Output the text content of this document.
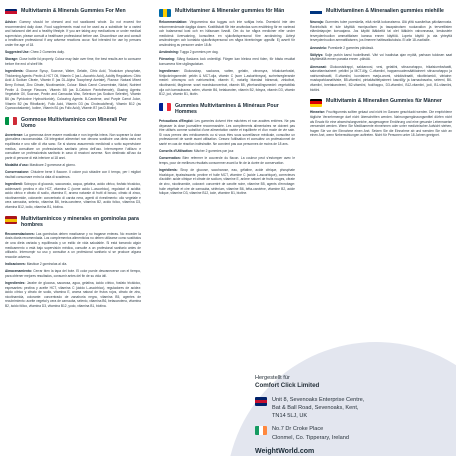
Multivitamin & Minerals Gummies For Men
Advice: Gummy should be chewed and not swallowed whole. Do not exceed the recommended daily dose. Food supplements must not be used as a substitute for a varied and balanced diet and a healthy lifestyle. If you are taking any medications or under medical supervision, please consult a healthcare professional before use. Discontinue use and consult a healthcare professional if any adverse reactions occur. Not intended for use by persons under the age of 18.
Suggested Use: Chew 2 Gummies daily.
Storage: Close bottle lid properly. Colour may fade over time, the best results are to consume before the end of shelf life.
Ingredients: Glucose Syrup, Sucrose, Water, Gelatin, Citric Acid, Tricalcium phosphate, Thickening Agents: Pectin & HCT Oil, Vitamin C (as L-Ascorbic Acid), Acidity Regulators: Citric Acid & Sodium Citrate, Vitamin E (as DL-Alpha Tocopheryl Acetate), Flavour: Natural Mixed Berry Extract, Zinc Citrate, Nicotinamide, Colour: Black Carrot Concentrate, Nickel, Nutrient Pectin & Orange Flavours, Vitamin B5 (as D-Calcium Pantothenate), Glazing Agents: Vegetable Oil, Sucrose, Pectin and Carnauba Wax, Selenium (as Sodium Selenite), Vitamin B6 (as Pyridoxine Hydrochloride), Colouring Agents: B-Carotene, and Purple Carrot Juice, Vitamin B2 (as Riboflavin), Folic Acid, Vitamin D3 (as Cholecalciferol), Vitamin B12 (as Cyanocobalamin), Iodine, Vitamin B1 (as Folic Acid), Vitamin B7 (as D-Biotin).
Gommose Multivitaminico con Minerali Per Uomo
Avvertenze: La gommosa deve essere masticata e non ingerita intera. Non superare la dose giornaliera raccomandata. Gli integratori alimentari non devono sostituire una dieta varia ed equilibrata e uno stile di vita sano. Se si stanno assumendo medicinali o sotto supervisione medica, consultare un professionista sanitario prima dell'uso. Interrompere l'utilizzo e consultare un professionista sanitario in caso di reazioni avverse. Non destinato all'uso da parte di persone di età inferiore ai 18 anni.
Modalità d'uso: Masticare 2 gommose al giorno.
Conservazione: Chiudere bene il flacone. Il colore può sbiadire con il tempo, per i migliori risultati consumare entro la data di scadenza.
Ingredienti: Sciroppo di glucosio, saccarosio, acqua, gelatina, acido citrico, fosfato tricalcico, addensanti: pectina e olio HCT, vitamina C (come acido L-ascorbico), regolatori di acidità: acido citrico e citrato di sodio, vitamina E, aroma naturale di frutti di bosco, citrato di zinco, nicotinammide, colorante: concentrato di carota nera, agenti di rivestimento: olio vegetale e cera carnauba, selenio, vitamina B6, beta-carotene, vitamina B2, acido folico, vitamina D3, vitamina B12, iodio, vitamina B1, biotina.
Multivitamínicos y minerales en gominolas para hombres
Recomendaciones: Las gominolas deben masticarse y no tragarse enteras. No exceder la dosis diaria recomendada. Los complementos alimenticios no deben utilizarse como sustitutos de una dieta variada y equilibrada y un estilo de vida saludable. Si está tomando algún medicamento o está bajo supervisión médica, consulte a un profesional sanitario antes de utilizarlo. Interrumpir su uso y consultar a un profesional sanitario si se produce alguna reacción adversa.
Indicaciones: Masticar 2 gominolas al día.
Almacenamiento: Cerrar bien la tapa del bote. El color puede desvanecerse con el tiempo, para obtener mejores resultados, consumir antes del fin de su vida útil.
Ingredientes: Jarabe de glucosa, sacarosa, agua, gelatina, ácido cítrico, fosfato tricálcico, espesantes: pectina y aceite HCT, vitamina C (ácido L-ascórbico), reguladores de acidez: ácido cítrico y citrato de sodio, vitamina E, aroma natural de frutos rojos, citrato de zinc, nicotinamida, colorante: concentrado de zanahoria negra, vitamina B5, agentes de recubrimiento: aceite vegetal y cera de carnauba, selenio, vitamina B6, betacaroteno, vitamina B2, ácido fólico, vitamina D3, vitamina B12, yodo, vitamina B1, biotina.
Multivitaminer & Mineraler gummies för Män
Rekommendation: Vingummina ska tuggas och inte sväljas hela. Överskrid inte den rekommenderade dagliga dosen. Kosttillskott får inte användas som ersättning för en varierad och balanserad kost och en hälsosam livsstil. Om du tar några mediciner eller under medicinsk övervakning, konsultera en sjukvårdspersonal före användning. Avbryt användningen och kontakta sjukvårdspersonal om några biverkningar uppstår. Ej avsett för användning av personer under 18 år.
Användning: Tugga 2 gummies per dag.
Förvaring: Stäng flaskans lock ordentligt. Färgen kan blekna med tiden, för bästa resultat konsumera före utgångsdatum.
Ingredienser: Glukossirap, sackaros, vatten, gelatin, citronsyra, trikalciumfosfat, förtjockningsmedel: pektin & MCT-olja, vitamin C (som L-askorbinsyra), surhetsreglerande medel: citronsyra och natriumcitrat, vitamin E, naturlig blandad bärsmak, zinkcitrat, nikotinamid, färgämne: svart morotskoncentrat, vitamin B5, ytbehandlingsmedel: vegetabilisk olja och karnaubavax, selen, vitamin B6, betakaroten, vitamin B2, folsyra, vitamin D3, vitamin B12, jod, vitamin B1, biotin.
Gummies Multivitamines & Minéraux Pour Hommes
Précautions d'Emploi: Les gummies doivent être mâchées et non avalées entières. Ne pas dépasser la dose journalière recommandée. Les compléments alimentaires ne doivent pas être utilisés comme substitut d'une alimentation variée et équilibrée et d'un mode de vie sain. Si vous prenez des médicaments ou si vous êtes sous surveillance médicale, consultez un professionnel de santé avant utilisation. Cessez l'utilisation et consultez un professionnel de santé en cas de réaction indésirable. Ne convient pas aux personnes de moins de 18 ans.
Conseils d'Utilisation: Mâcher 2 gummies par jour.
Conservation: Bien refermer le couvercle du flacon. La couleur peut s'estomper avec le temps, pour de meilleurs résultats consommer avant la fin de la durée de conservation.
Ingrédients: Sirop de glucose, saccharose, eau, gélatine, acide citrique, phosphate tricalcique, épaississants: pectine et huile MCT, vitamine C (acide L-ascorbique), correcteurs d'acidité: acide citrique et citrate de sodium, vitamine E, arôme naturel de fruits rouges, citrate de zinc, nicotinamide, colorant: concentré de carotte noire, vitamine B5, agents d'enrobage: huile végétale et cire de carnauba, sélénium, vitamine B6, bêta-carotène, vitamine B2, acide folique, vitamine D3, vitamine B12, iode, vitamine B1, biotine.
Multivitamiinen & Mineraalien gummies miehille
Neuvoja: Gummies tulee pureskella, eikä niellä kokonaisena. Älä ylitä suositeltua päiväannosta. Ravintolisiä ei tule käyttää monipuolisen ja tasapainoisen ruokavalion ja terveellisten elämäntapojen korvaajana. Jos käytät lääkkeitä tai olet lääkärin valvonnassa, keskustele terveydenhuollon ammattilaisen kanssa ennen käyttöä. Lopeta käyttö ja ota yhteyttä terveydenhuollon ammattilaiseen, jos ilmenee haittavaikutuksia. Ei alle 18-vuotiaille.
Annostelu: Pureskele 2 gummies päivässä.
Säilytys: Sulje purkin kansi huolellisesti. Väri voi haalistua ajan myötä, parhaan tuloksen saat käyttämällä ennen parasta ennen -päivää.
Ainesosat: Glukoosisiirappi, sakkaroosi, vesi, gelatiini, sitruunahappo, trikalsiumfosfaatti, sakeuttamisaineet: pektiini ja MCT-öljy, C-vitamiini, happamuudensäätöaineet: sitruunahappo ja natriumsitraatti, E-vitamiini, luontainen marja-aromi, sinkkisitraatti, nikotiiniamidi, väriaine: mustaporkkanatiiviste, B5-vitamiini, pintakäsittelyaineet: kasviöljy ja karnaubavaha, seleeni, B6-vitamiini, beetakaroteeni, B2-vitamiini, foolihappo, D3-vitamiini, B12-vitamiini, jodi, B1-vitamiini, biotiini.
Multivitamin & Mineralien Gummies für Männer
Hinweise: Fruchtgummis sollten gekaut und nicht im Ganzen geschluckt werden. Die empfohlene tägliche Verzehrmenge darf nicht überschritten werden. Nahrungsergänzungsmittel dürfen nicht als Ersatz für eine abwechslungsreiche, ausgewogene Ernährung und eine gesunde Lebensweise verwendet werden. Wenn Sie Medikamente einnehmen oder unter medizinischer Aufsicht stehen, fragen Sie vor der Einnahme einen Arzt. Setzen Sie die Einnahme ab und wenden Sie sich an einen Arzt, wenn Nebenwirkungen auftreten. Nicht für Personen unter 18 Jahren geeignet.
Hergestellt für
Comfort Click Limited
Unit 8, Sevenoaks Enterprise Centre,
Bat & Ball Road, Sevenoaks, Kent,
TN14 5LJ, UK
No.7 Dr Croke Place
Clonmel, Co. Tipperary, Ireland
WeightWorld.com
